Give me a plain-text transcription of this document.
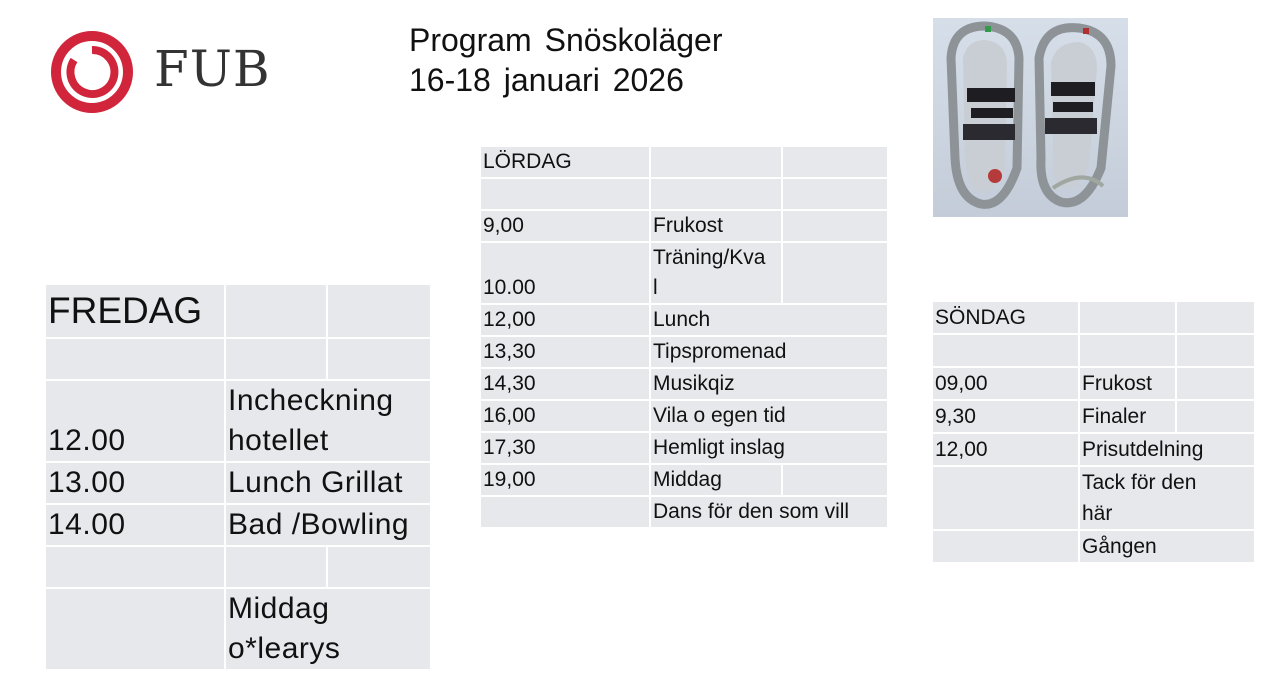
FUB	Program Snöskoläger
16-18 januari 2026
FREDAG		

12.00	Incheckning
hotellet	

13.00	Lunch Grillat	
14.00	Bad /Bowling	

	Middag
o*learys	
LÖRDAG		

9,00	Frukost	
10.00	Träning/Kva
l	

12,00	Lunch	
13,30	Tipspromenad	
14,30	Musikqiz	
16,00	Vila o egen tid	
17,30	Hemligt inslag	
19,00	Middag	
	Dans för den som vill	
SÖNDAG		

09,00	Frukost	
9,30	Finaler	
12,00	Prisutdelning	

	Tack för den
här	

	Gången	
